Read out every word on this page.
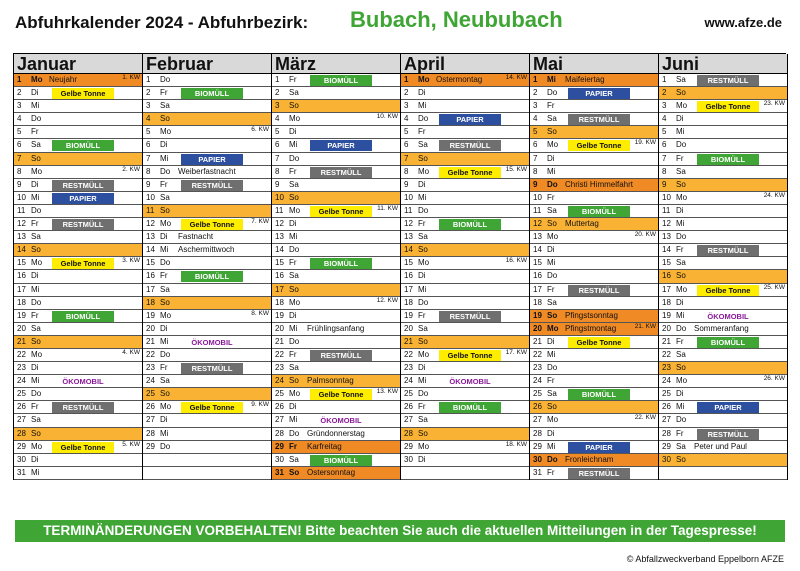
Abfuhrkalender 2024 - Abfuhrbezirk: Bubach, Neububach	www.afze.de
Januar
1 Mo Neujahr	1. KW
2 Di	Gelbe Tonne
3 Mi
4 Do
5 Fr
6 Sa	BIOMÜLL
7 So
8 Mo	2. KW
9 Di	RESTMÜLL
10 Mi	PAPIER
11 Do
12 Fr	RESTMÜLL
13 Sa
14 So
15 Mo	Gelbe Tonne	3. KW
16 Di
17 Mi
18 Do
19 Fr	BIOMÜLL
20 Sa
21 So
22 Mo	4. KW
23 Di
24 Mi	ÖKOMOBIL
25 Do
26 Fr	RESTMÜLL
27 Sa
28 So
29 Mo	Gelbe Tonne	5. KW
30 Di
31 Mi
Februar
1 Do
2 Fr	BIOMÜLL
3 Sa
4 So
5 Mo	6. KW
6 Di
7 Mi	PAPIER
8 Do Weiberfastnacht
9 Fr	RESTMÜLL
10 Sa
11 So
12 Mo	Gelbe Tonne	7. KW
13 Di Fastnacht
14 Mi Aschermittwoch
15 Do
16 Fr	BIOMÜLL
17 Sa
18 So
19 Mo	8. KW
20 Di
21 Mi	ÖKOMOBIL
22 Do
23 Fr	RESTMÜLL
24 Sa
25 So
26 Mo	Gelbe Tonne	9. KW
27 Di
28 Mi
29 Do
März
1 Fr	BIOMÜLL
2 Sa
3 So
4 Mo	10. KW
5 Di
6 Mi	PAPIER
7 Do
8 Fr	RESTMÜLL
9 Sa
10 So
11 Mo	Gelbe Tonne	11. KW
12 Di
13 Mi
14 Do
15 Fr	BIOMÜLL
16 Sa
17 So
18 Mo	12. KW
19 Di
20 Mi Frühlingsanfang
21 Do
22 Fr	RESTMÜLL
23 Sa
24 So Palmsonntag
25 Mo	Gelbe Tonne	13. KW
26 Di
27 Mi	ÖKOMOBIL
28 Do Gründonnerstag
29 Fr Karfreitag
30 Sa	BIOMÜLL
31 So Ostersonntag
April
1 Mo Ostermontag	14. KW
2 Di
3 Mi
4 Do	PAPIER
5 Fr
6 Sa	RESTMÜLL
7 So
8 Mo	Gelbe Tonne	15. KW
9 Di
10 Mi
11 Do
12 Fr	BIOMÜLL
13 Sa
14 So
15 Mo	16. KW
16 Di
17 Mi
18 Do
19 Fr	RESTMÜLL
20 Sa
21 So
22 Mo	Gelbe Tonne	17. KW
23 Di
24 Mi	ÖKOMOBIL
25 Do
26 Fr	BIOMÜLL
27 Sa
28 So
29 Mo	18. KW
30 Di
Mai
1 Mi Maifeiertag
2 Do	PAPIER
3 Fr
4 Sa	RESTMÜLL
5 So
6 Mo	Gelbe Tonne	19. KW
7 Di
8 Mi
9 Do Christi Himmelfahrt
10 Fr
11 Sa	BIOMÜLL
12 So Muttertag
13 Mo	20. KW
14 Di
15 Mi
16 Do
17 Fr	RESTMÜLL
18 Sa
19 So Pfingstsonntag
20 Mo Pfingstmontag	21. KW
21 Di	Gelbe Tonne
22 Mi
23 Do
24 Fr
25 Sa	BIOMÜLL
26 So
27 Mo	22. KW
28 Di
29 Mi	PAPIER
30 Do Fronleichnam
31 Fr	RESTMÜLL
Juni
1 Sa	RESTMÜLL
2 So
3 Mo	Gelbe Tonne	23. KW
4 Di
5 Mi
6 Do
7 Fr	BIOMÜLL
8 Sa
9 So
10 Mo	24. KW
11 Di
12 Mi
13 Do
14 Fr	RESTMÜLL
15 Sa
16 So
17 Mo	Gelbe Tonne	25. KW
18 Di
19 Mi	ÖKOMOBIL
20 Do Sommeranfang
21 Fr	BIOMÜLL
22 Sa
23 So
24 Mo	26. KW
25 Di
26 Mi	PAPIER
27 Do
28 Fr	RESTMÜLL
29 Sa Peter und Paul
30 So
TERMINÄNDERUNGEN VORBEHALTEN! Bitte beachten Sie auch die aktuellen Mitteilungen in der Tagespresse!
© Abfallzweckverband Eppelborn AFZE
